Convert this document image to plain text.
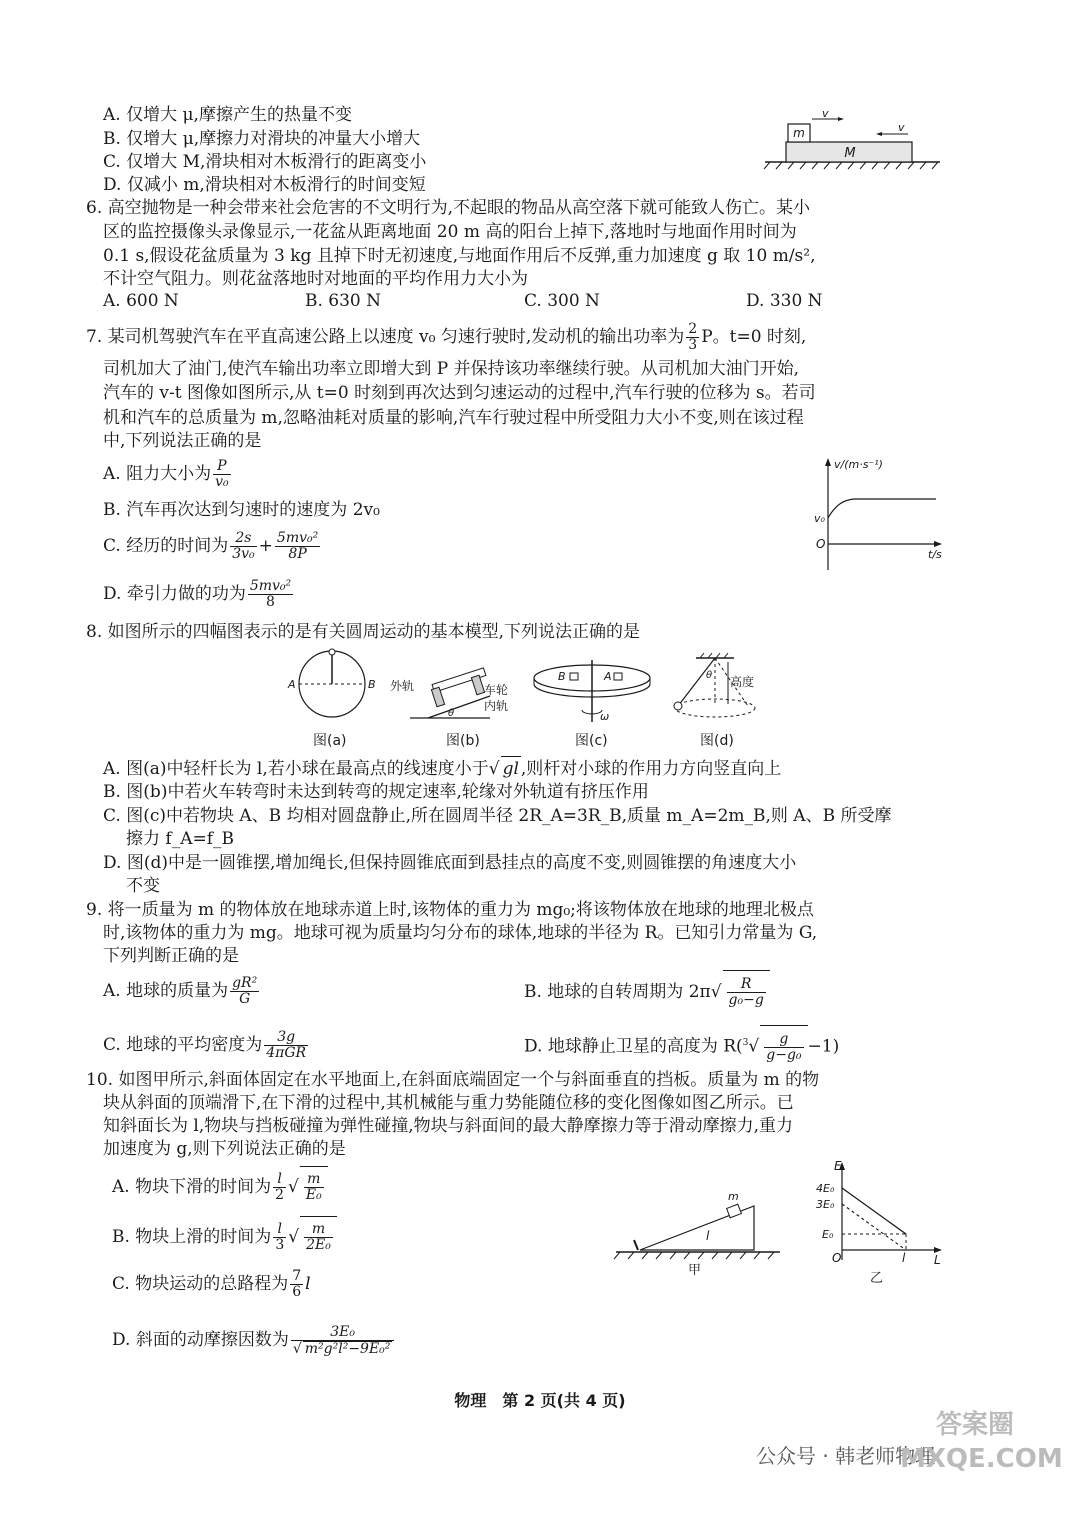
A. 仅增大 μ,摩擦产生的热量不变
B. 仅增大 μ,摩擦力对滑块的冲量大小增大
C. 仅增大 M,滑块相对木板滑行的距离变小
D. 仅减小 m,滑块相对木板滑行的时间变短
m
M
v
v
6. 高空抛物是一种会带来社会危害的不文明行为,不起眼的物品从高空落下就可能致人伤亡。某小
区的监控摄像头录像显示,一花盆从距离地面 20 m 高的阳台上掉下,落地时与地面作用时间为
0.1 s,假设花盆质量为 3 kg 且掉下时无初速度,与地面作用后不反弹,重力加速度 g 取 10 m/s²,
不计空气阻力。则花盆落地时对地面的平均作用力大小为
A. 600 N	B. 630 N	C. 300 N	D. 330 N
7. 某司机驾驶汽车在平直高速公路上以速度 v₀ 匀速行驶时,发动机的输出功率为 $\frac{2}{3}$ P。t=0 时刻,
司机加大了油门,使汽车输出功率立即增大到 P 并保持该功率继续行驶。从司机加大油门开始,
汽车的 v-t 图像如图所示,从 t=0 时刻到再次达到匀速运动的过程中,汽车行驶的位移为 s。若司
机和汽车的总质量为 m,忽略油耗对质量的影响,汽车行驶过程中所受阻力大小不变,则在该过程
中,下列说法正确的是
A. 阻力大小为 $\frac{P}{\text{v₀}}$
B. 汽车再次达到匀速时的速度为 2v₀
C. 经历的时间为 $\frac{2s}{\text{3v₀}} + \frac{\text{5mv₀²}}{8P}$
D. 牵引力做的功为 $\frac{\text{5mv₀²}}{8}$
v/(m·s⁻¹)
v₀
O
t/s
8. 如图所示的四幅图表示的是有关圆周运动的基本模型,下列说法正确的是
A	B
图(a)
θ
外轨	车轮
内轨
图(b)
B	A
ω
图(c)
θ 高度
图(d)
A. 图(a)中轻杆长为 l,若小球在最高点的线速度小于√ gl ,则杆对小球的作用力方向竖直向上
B. 图(b)中若火车转弯时未达到转弯的规定速率,轮缘对外轨道有挤压作用
C. 图(c)中若物块 A、B 均相对圆盘静止,所在圆周半径 2R_A=3R_B,质量 m_A=2m_B,则 A、B 所受摩
擦力 f_A=f_B
D. 图(d)中是一圆锥摆,增加绳长,但保持圆锥底面到悬挂点的高度不变,则圆锥摆的角速度大小
不变
9. 将一质量为 m 的物体放在地球赤道上时,该物体的重力为 mg₀;将该物体放在地球的地理北极点
时,该物体的重力为 mg。地球可视为质量均匀分布的球体,地球的半径为 R。已知引力常量为 G,
下列判断正确的是
A. 地球的质量为 $\frac{\text{gR²}}{G}$	B. 地球的自转周期为 $2\pi√ \frac{R}{\text{g₀−g}}$
C. 地球的平均密度为 $\frac{3g}{\text{4πGR}}$	D. 地球静止卫星的高度为 $R(^3√ \frac{g}{\text{g−g₀}} -1)$
10. 如图甲所示,斜面体固定在水平地面上,在斜面底端固定一个与斜面垂直的挡板。质量为 m 的物
块从斜面的顶端滑下,在下滑的过程中,其机械能与重力势能随位移的变化图像如图乙所示。已
知斜面长为 l,物块与挡板碰撞为弹性碰撞,物块与斜面间的最大静摩擦力等于滑动摩擦力,重力
加速度为 g,则下列说法正确的是
A. 物块下滑的时间为 $\frac{l}{2}$ √ $\frac{m}{\text{E₀}}$
B. 物块上滑的时间为 $\frac{l}{3}$ √ $\frac{m}{\text{2E₀}}$
C. 物块运动的总路程为 $\frac{7}{6}$ l
D. 斜面的动摩擦因数为 $\frac{\text{3E₀}}{\text{√ m²g²l²−9E₀²}}$
m
l
甲
E
4E₀
3E₀
E₀
O	l L
乙
物理　第 2 页(共 4 页)
公众号 · 韩老师物理
答案圈 MXQE.COM
